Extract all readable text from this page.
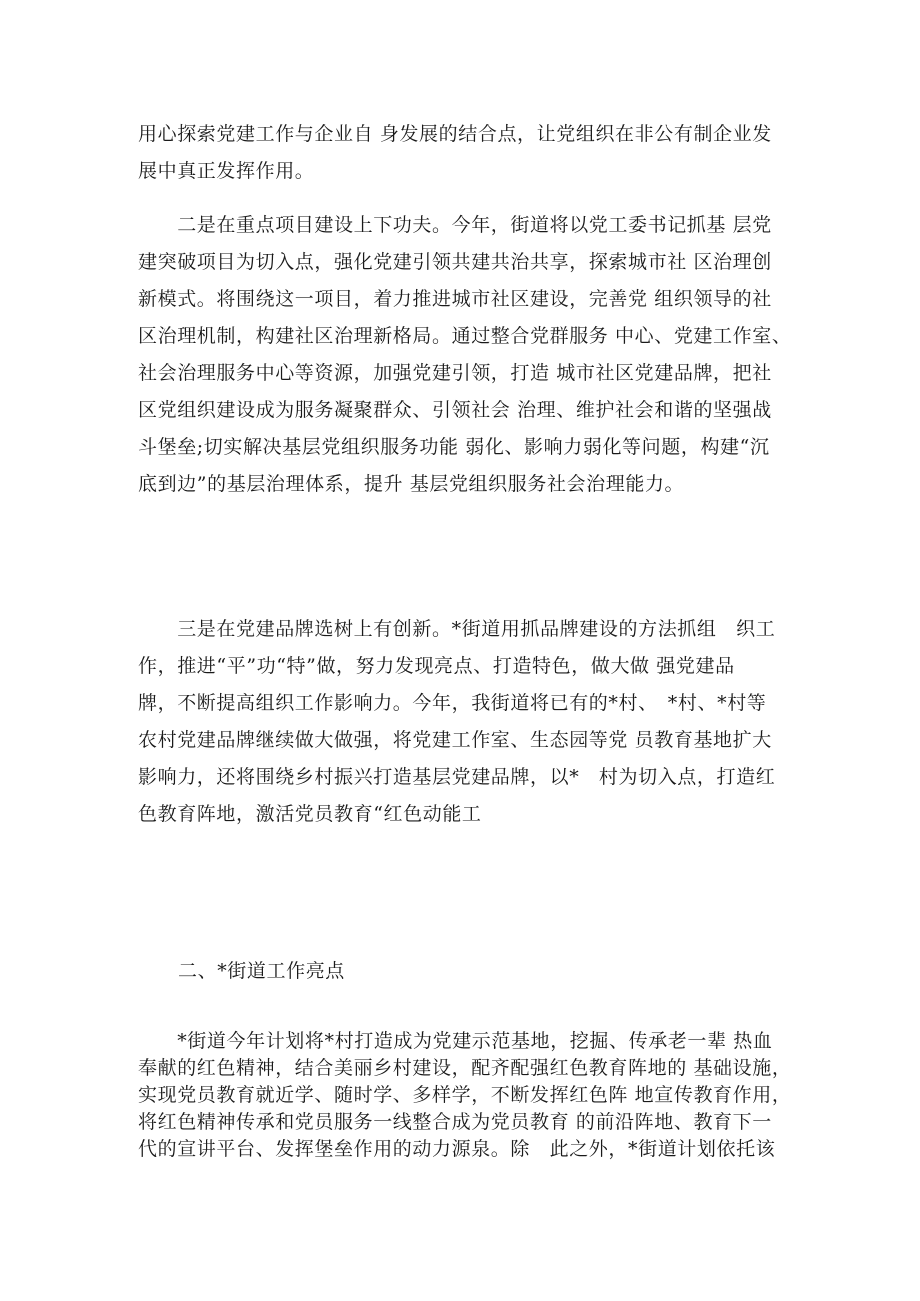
用心探索党建工作与企业自 身发展的结合点，让党组织在非公有制企业发
展中真正发挥作用。
　　二是在重点项目建设上下功夫。今年，街道将以党工委书记抓基 层党
建突破项目为切入点，强化党建引领共建共治共享，探索城市社 区治理创
新模式。将围绕这一项目，着力推进城市社区建设，完善党 组织领导的社
区治理机制，构建社区治理新格局。通过整合党群服务 中心、党建工作室、
社会治理服务中心等资源，加强党建引领，打造 城市社区党建品牌，把社
区党组织建设成为服务凝聚群众、引领社会 治理、维护社会和谐的坚强战
斗堡垒;切实解决基层党组织服务功能 弱化、影响力弱化等问题，构建“沉
底到边”的基层治理体系，提升 基层党组织服务社会治理能力。
　　三是在党建品牌选树上有创新。*街道用抓品牌建设的方法抓组　织工
作，推进“平”功“特”做，努力发现亮点、打造特色，做大做 强党建品
牌，不断提高组织工作影响力。今年，我街道将已有的*村、　*村、*村等
农村党建品牌继续做大做强，将党建工作室、生态园等党 员教育基地扩大
影响力，还将围绕乡村振兴打造基层党建品牌，以*　村为切入点，打造红
色教育阵地，激活党员教育“红色动能工
二、*街道工作亮点
　　*街道今年计划将*村打造成为党建示范基地，挖掘、传承老一辈 热血
奉献的红色精神，结合美丽乡村建设，配齐配强红色教育阵地的 基础设施，
实现党员教育就近学、随时学、多样学，不断发挥红色阵 地宣传教育作用，
将红色精神传承和党员服务一线整合成为党员教育 的前沿阵地、教育下一
代的宣讲平台、发挥堡垒作用的动力源泉。除　此之外，*街道计划依托该
